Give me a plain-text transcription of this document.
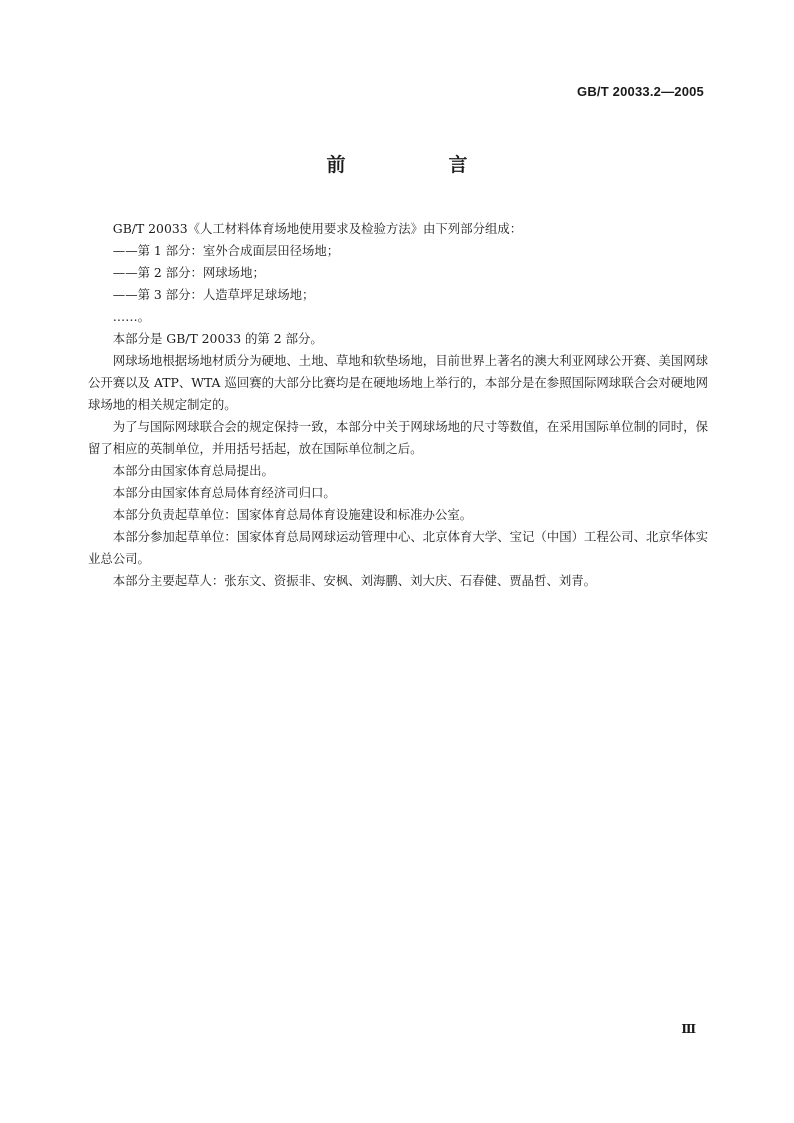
GB/T 20033.2—2005
前　言

GB/T 20033《人工材料体育场地使用要求及检验方法》由下列部分组成：

——第 1 部分：室外合成面层田径场地；

——第 2 部分：网球场地；

——第 3 部分：人造草坪足球场地；

……。

本部分是 GB/T 20033 的第 2 部分。

网球场地根据场地材质分为硬地、土地、草地和软垫场地，目前世界上著名的澳大利亚网球公开赛、美国网球公开赛以及 ATP、WTA 巡回赛的大部分比赛均是在硬地场地上举行的，本部分是在参照国际网球联合会对硬地网球场地的相关规定制定的。

为了与国际网球联合会的规定保持一致，本部分中关于网球场地的尺寸等数值，在采用国际单位制的同时，保留了相应的英制单位，并用括号括起，放在国际单位制之后。

本部分由国家体育总局提出。

本部分由国家体育总局体育经济司归口。

本部分负责起草单位：国家体育总局体育设施建设和标准办公室。

本部分参加起草单位：国家体育总局网球运动管理中心、北京体育大学、宝记（中国）工程公司、北京华体实业总公司。

本部分主要起草人：张东文、资振非、安枫、刘海鹏、刘大庆、石春健、贾晶哲、刘青。

Ⅲ
